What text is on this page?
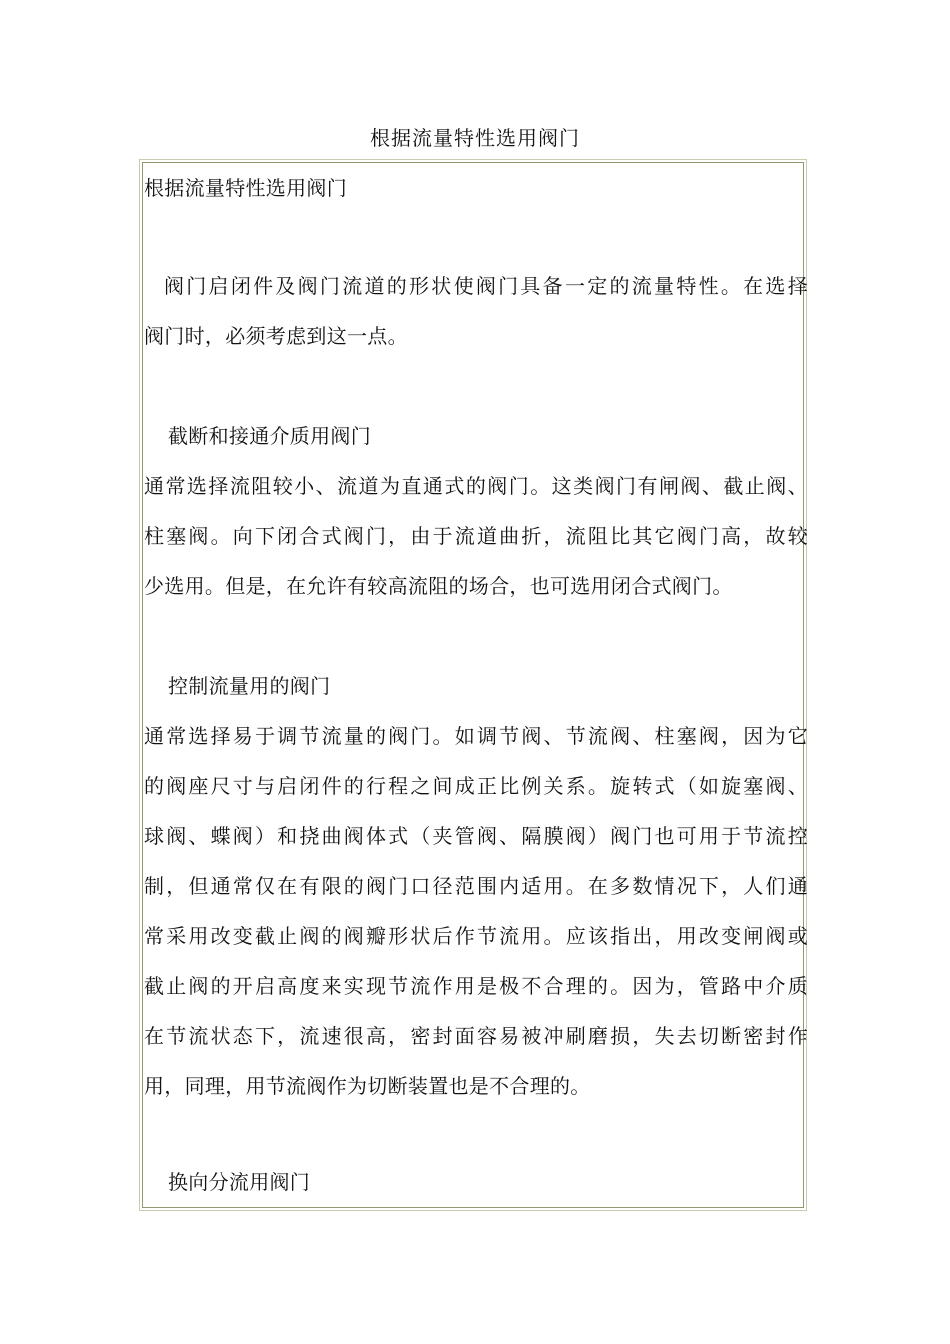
根据流量特性选用阀门
根据流量特性选用阀门
阀门启闭件及阀门流道的形状使阀门具备一定的流量特性。在选择
阀门时，必须考虑到这一点。
截断和接通介质用阀门
通常选择流阻较小、流道为直通式的阀门。这类阀门有闸阀、截止阀、
柱塞阀。向下闭合式阀门，由于流道曲折，流阻比其它阀门高，故较
少选用。但是，在允许有较高流阻的场合，也可选用闭合式阀门。
控制流量用的阀门
通常选择易于调节流量的阀门。如调节阀、节流阀、柱塞阀，因为它
的阀座尺寸与启闭件的行程之间成正比例关系。旋转式（如旋塞阀、
球阀、蝶阀）和挠曲阀体式（夹管阀、隔膜阀）阀门也可用于节流控
制，但通常仅在有限的阀门口径范围内适用。在多数情况下，人们通
常采用改变截止阀的阀瓣形状后作节流用。应该指出，用改变闸阀或
截止阀的开启高度来实现节流作用是极不合理的。因为，管路中介质
在节流状态下，流速很高，密封面容易被冲刷磨损，失去切断密封作
用，同理，用节流阀作为切断装置也是不合理的。
换向分流用阀门
